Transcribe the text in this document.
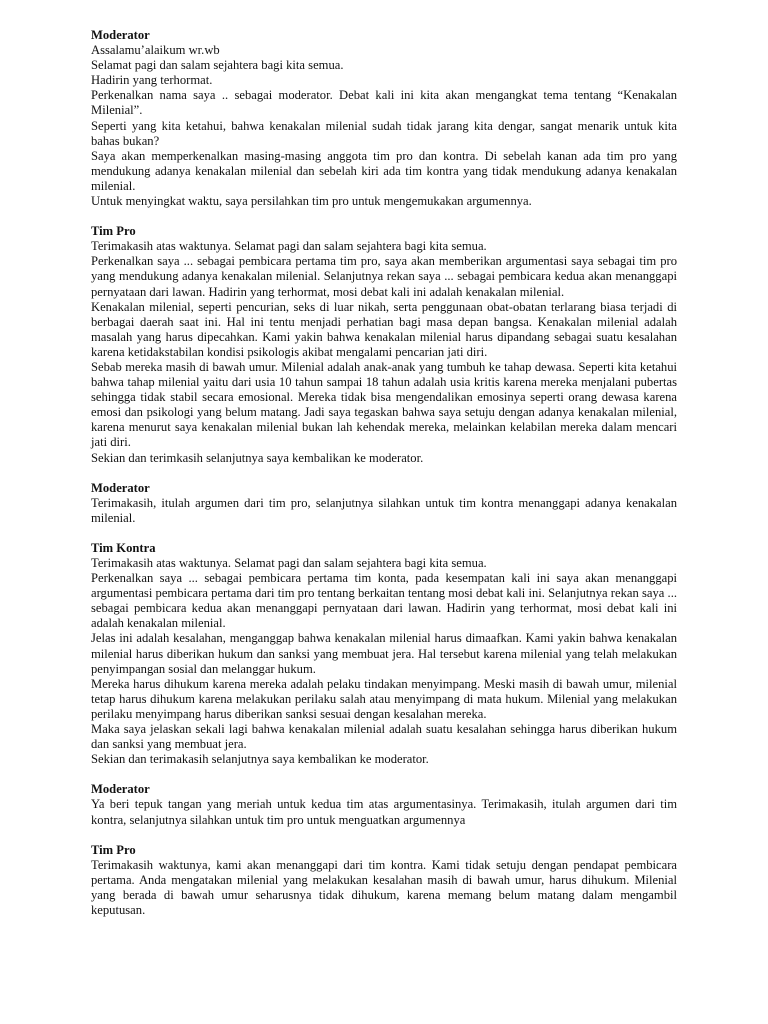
Moderator

Assalamu’alaikum wr.wb

Selamat pagi dan salam sejahtera bagi kita semua.

Hadirin yang terhormat.

Perkenalkan nama saya .. sebagai moderator. Debat kali ini kita akan mengangkat tema tentang “Kenakalan Milenial”.

Seperti yang kita ketahui, bahwa kenakalan milenial sudah tidak jarang kita dengar, sangat menarik untuk kita bahas bukan?

Saya akan memperkenalkan masing-masing anggota tim pro dan kontra. Di sebelah kanan ada tim pro yang mendukung adanya kenakalan milenial dan sebelah kiri ada tim kontra yang tidak mendukung adanya kenakalan milenial.

Untuk menyingkat waktu, saya persilahkan tim pro untuk mengemukakan argumennya.

Tim Pro

Terimakasih atas waktunya. Selamat pagi dan salam sejahtera bagi kita semua.

Perkenalkan saya ... sebagai pembicara pertama tim pro, saya akan memberikan argumentasi saya sebagai tim pro yang mendukung adanya kenakalan milenial. Selanjutnya rekan saya ... sebagai pembicara kedua akan menanggapi pernyataan dari lawan. Hadirin yang terhormat, mosi debat kali ini adalah kenakalan milenial.

Kenakalan milenial, seperti pencurian, seks di luar nikah, serta penggunaan obat-obatan terlarang biasa terjadi di berbagai daerah saat ini. Hal ini tentu menjadi perhatian bagi masa depan bangsa. Kenakalan milenial adalah masalah yang harus dipecahkan. Kami yakin bahwa kenakalan milenial harus dipandang sebagai suatu kesalahan karena ketidakstabilan kondisi psikologis akibat mengalami pencarian jati diri.

Sebab mereka masih di bawah umur. Milenial adalah anak-anak yang tumbuh ke tahap dewasa. Seperti kita ketahui bahwa tahap milenial yaitu dari usia 10 tahun sampai 18 tahun adalah usia kritis karena mereka menjalani pubertas sehingga tidak stabil secara emosional. Mereka tidak bisa mengendalikan emosinya seperti orang dewasa karena emosi dan psikologi yang belum matang. Jadi saya tegaskan bahwa saya setuju dengan adanya kenakalan milenial, karena menurut saya kenakalan milenial bukan lah kehendak mereka, melainkan kelabilan mereka dalam mencari jati diri.

Sekian dan terimkasih selanjutnya saya kembalikan ke moderator.

Moderator

Terimakasih, itulah argumen dari tim pro, selanjutnya silahkan untuk tim kontra menanggapi adanya kenakalan milenial.

Tim Kontra

Terimakasih atas waktunya. Selamat pagi dan salam sejahtera bagi kita semua.

Perkenalkan saya ... sebagai pembicara pertama tim konta, pada kesempatan kali ini saya akan menanggapi argumentasi pembicara pertama dari tim pro tentang berkaitan tentang mosi debat kali ini. Selanjutnya rekan saya ... sebagai pembicara kedua akan menanggapi pernyataan dari lawan. Hadirin yang terhormat, mosi debat kali ini adalah kenakalan milenial.

Jelas ini adalah kesalahan, menganggap bahwa kenakalan milenial harus dimaafkan. Kami yakin bahwa kenakalan milenial harus diberikan hukum dan sanksi yang membuat jera. Hal tersebut karena milenial yang telah melakukan penyimpangan sosial dan melanggar hukum.

Mereka harus dihukum karena mereka adalah pelaku tindakan menyimpang. Meski masih di bawah umur, milenial tetap harus dihukum karena melakukan perilaku salah atau menyimpang di mata hukum. Milenial yang melakukan perilaku menyimpang harus diberikan sanksi sesuai dengan kesalahan mereka.

Maka saya jelaskan sekali lagi bahwa kenakalan milenial adalah suatu kesalahan sehingga harus diberikan hukum dan sanksi yang membuat jera.

Sekian dan terimakasih selanjutnya saya kembalikan ke moderator.

Moderator

Ya beri tepuk tangan yang meriah untuk kedua tim atas argumentasinya. Terimakasih, itulah argumen dari tim kontra, selanjutnya silahkan untuk tim pro untuk menguatkan argumennya

Tim Pro

Terimakasih waktunya, kami akan menanggapi dari tim kontra. Kami tidak setuju dengan pendapat pembicara pertama. Anda mengatakan milenial yang melakukan kesalahan masih di bawah umur, harus dihukum. Milenial yang berada di bawah umur seharusnya tidak dihukum, karena memang belum matang dalam mengambil keputusan.
